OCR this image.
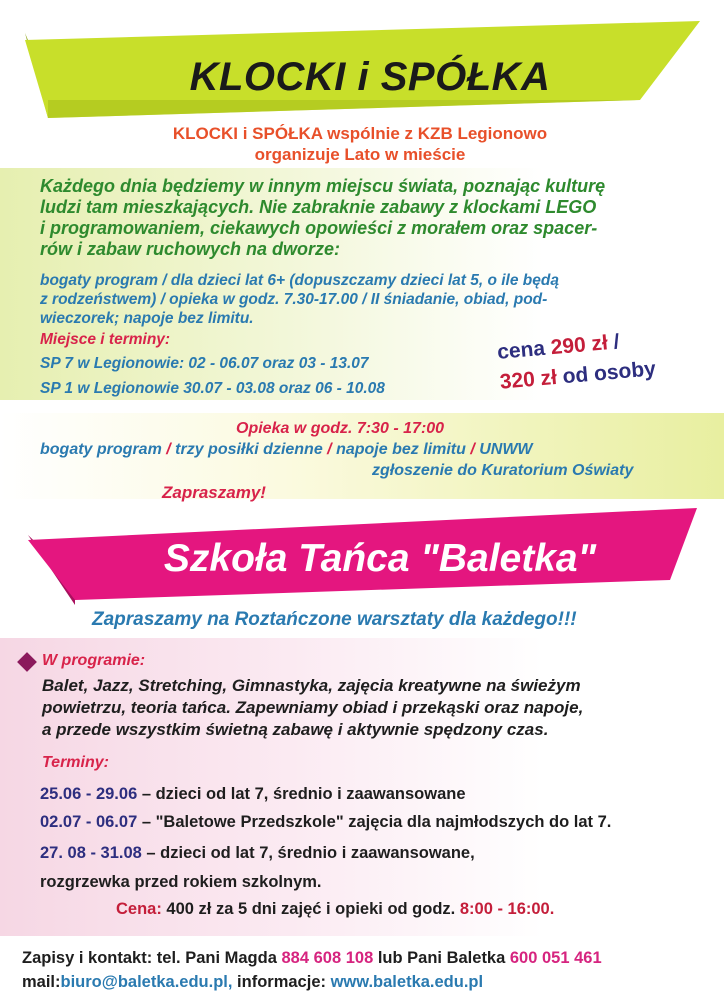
KLOCKI i SPÓŁKA
KLOCKI i SPÓŁKA wspólnie z KZB Legionowo
organizuje Lato w mieście
Każdego dnia będziemy w innym miejscu świata, poznając kulturę
ludzi tam mieszkających. Nie zabraknie zabawy z klockami LEGO
i programowaniem, ciekawych opowieści z morałem oraz spacer-
rów i zabaw ruchowych na dworze:
bogaty program / dla dzieci lat 6+ (dopuszczamy dzieci lat 5, o ile będą
z rodzeństwem) / opieka w godz. 7.30-17.00 / II śniadanie, obiad, pod-
wieczorek; napoje bez limitu.
Miejsce i terminy:
SP 7 w Legionowie: 02 - 06.07 oraz 03 - 13.07
SP 1 w Legionowie 30.07 - 03.08 oraz 06 - 10.08
cena 290 zł /
320 zł od osoby
Opieka w godz. 7:30 - 17:00
bogaty program / trzy posiłki dzienne / napoje bez limitu / UNWW
zgłoszenie do Kuratorium Oświaty
Zapraszamy!
Szkoła Tańca "Baletka"
Zapraszamy na Roztańczone warsztaty dla każdego!!!
W programie:
Balet, Jazz, Stretching, Gimnastyka, zajęcia kreatywne na świeżym
powietrzu, teoria tańca. Zapewniamy obiad i przekąski oraz napoje,
a przede wszystkim świetną zabawę i aktywnie spędzony czas.
Terminy:
25.06 - 29.06 – dzieci od lat 7, średnio i zaawansowane
02.07 - 06.07 – "Baletowe Przedszkole" zajęcia dla najmłodszych do lat 7.
27. 08 - 31.08 – dzieci od lat 7, średnio i zaawansowane,
rozgrzewka przed rokiem szkolnym.
Cena: 400 zł za 5 dni zajęć i opieki od godz. 8:00 - 16:00.
Zapisy i kontakt: tel. Pani Magda 884 608 108 lub Pani Baletka 600 051 461
mail:biuro@baletka.edu.pl, informacje: www.baletka.edu.pl
